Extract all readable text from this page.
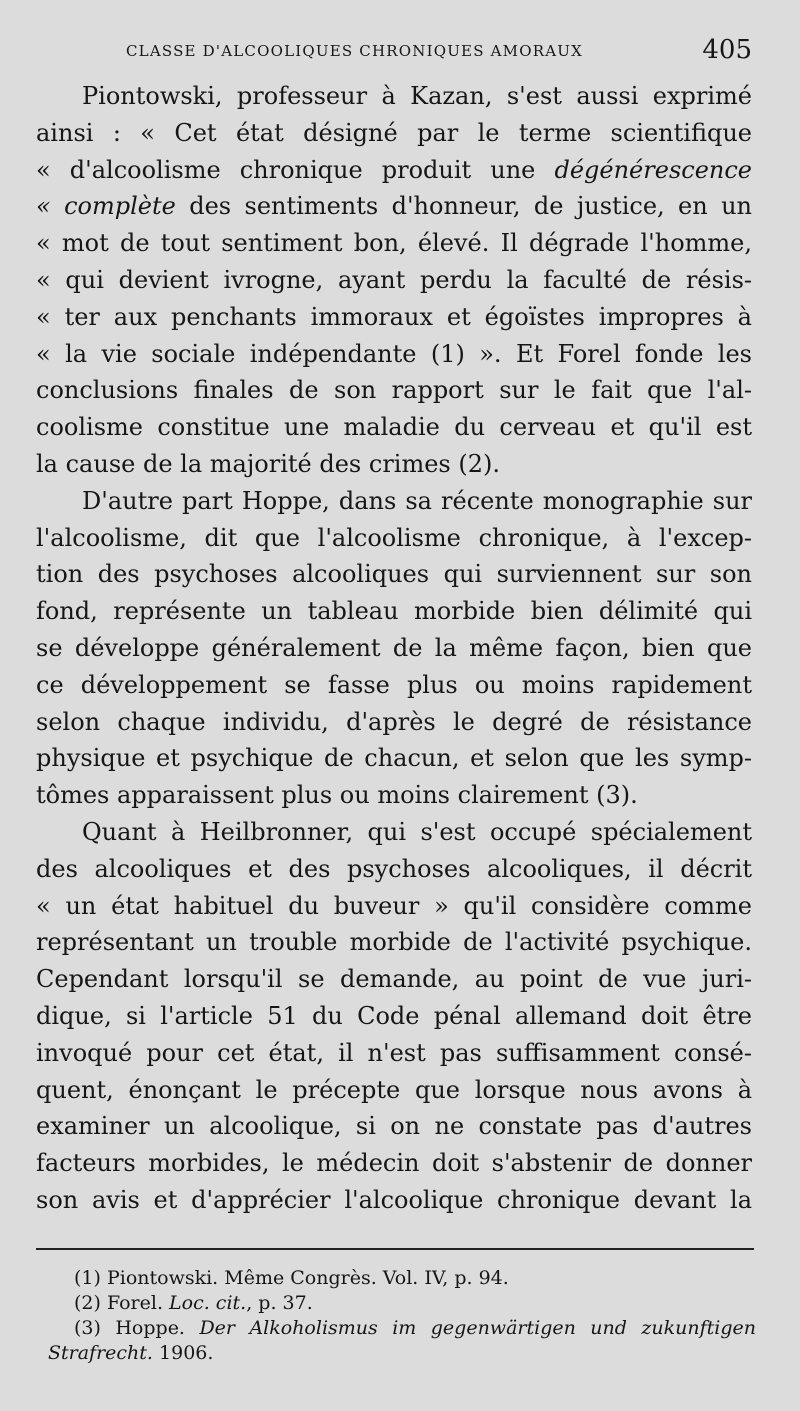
CLASSE D'ALCOOLIQUES CHRONIQUES AMORAUX	405
Piontowski, professeur à Kazan, s'est aussi exprimé
ainsi : « Cet état désigné par le terme scientifique
« d'alcoolisme chronique produit une dégénérescence
« complète des sentiments d'honneur, de justice, en un
« mot de tout sentiment bon, élevé. Il dégrade l'homme,
« qui devient ivrogne, ayant perdu la faculté de résis-
« ter aux penchants immoraux et égoïstes impropres à
« la vie sociale indépendante (1) ». Et Forel fonde les
conclusions finales de son rapport sur le fait que l'al-
coolisme constitue une maladie du cerveau et qu'il est
la cause de la majorité des crimes (2).
D'autre part Hoppe, dans sa récente monographie sur
l'alcoolisme, dit que l'alcoolisme chronique, à l'excep-
tion des psychoses alcooliques qui surviennent sur son
fond, représente un tableau morbide bien délimité qui
se développe généralement de la même façon, bien que
ce développement se fasse plus ou moins rapidement
selon chaque individu, d'après le degré de résistance
physique et psychique de chacun, et selon que les symp-
tômes apparaissent plus ou moins clairement (3).
Quant à Heilbronner, qui s'est occupé spécialement
des alcooliques et des psychoses alcooliques, il décrit
« un état habituel du buveur » qu'il considère comme
représentant un trouble morbide de l'activité psychique.
Cependant lorsqu'il se demande, au point de vue juri-
dique, si l'article 51 du Code pénal allemand doit être
invoqué pour cet état, il n'est pas suffisamment consé-
quent, énonçant le précepte que lorsque nous avons à
examiner un alcoolique, si on ne constate pas d'autres
facteurs morbides, le médecin doit s'abstenir de donner
son avis et d'apprécier l'alcoolique chronique devant la
(1) Piontowski. Même Congrès. Vol. IV, p. 94.
(2) Forel. Loc. cit., p. 37.
(3) Hoppe. Der Alkoholismus im gegenwärtigen und zukunftigen
Strafrecht. 1906.
